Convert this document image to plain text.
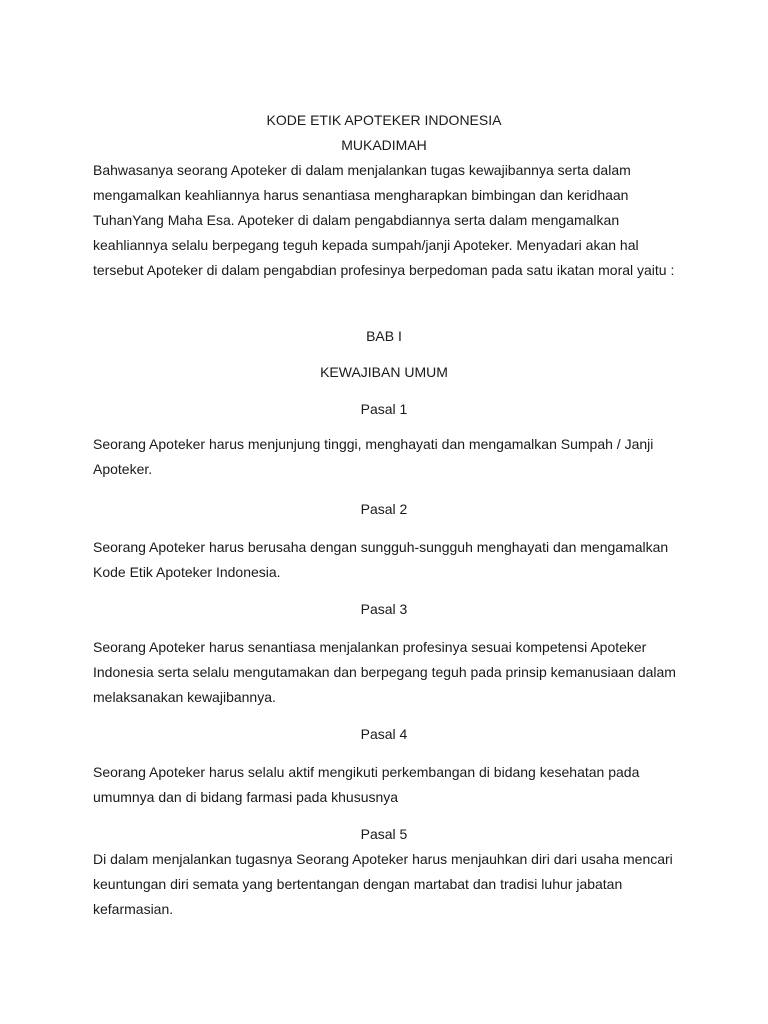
KODE ETIK APOTEKER INDONESIA
MUKADIMAH
Bahwasanya seorang Apoteker di dalam menjalankan tugas kewajibannya serta dalam
mengamalkan keahliannya harus senantiasa mengharapkan bimbingan dan keridhaan
TuhanYang Maha Esa. Apoteker di dalam pengabdiannya serta dalam mengamalkan
keahliannya selalu berpegang teguh kepada sumpah/janji Apoteker. Menyadari akan hal
tersebut Apoteker di dalam pengabdian profesinya berpedoman pada satu ikatan moral yaitu :
BAB I
KEWAJIBAN UMUM
Pasal 1
Seorang Apoteker harus menjunjung tinggi, menghayati dan mengamalkan Sumpah / Janji
Apoteker.
Pasal 2
Seorang Apoteker harus berusaha dengan sungguh-sungguh menghayati dan mengamalkan
Kode Etik Apoteker Indonesia.
Pasal 3
Seorang Apoteker harus senantiasa menjalankan profesinya sesuai kompetensi Apoteker
Indonesia serta selalu mengutamakan dan berpegang teguh pada prinsip kemanusiaan dalam
melaksanakan kewajibannya.
Pasal 4
Seorang Apoteker harus selalu aktif mengikuti perkembangan di bidang kesehatan pada
umumnya dan di bidang farmasi pada khususnya
Pasal 5
Di dalam menjalankan tugasnya Seorang Apoteker harus menjauhkan diri dari usaha mencari
keuntungan diri semata yang bertentangan dengan martabat dan tradisi luhur jabatan
kefarmasian.
